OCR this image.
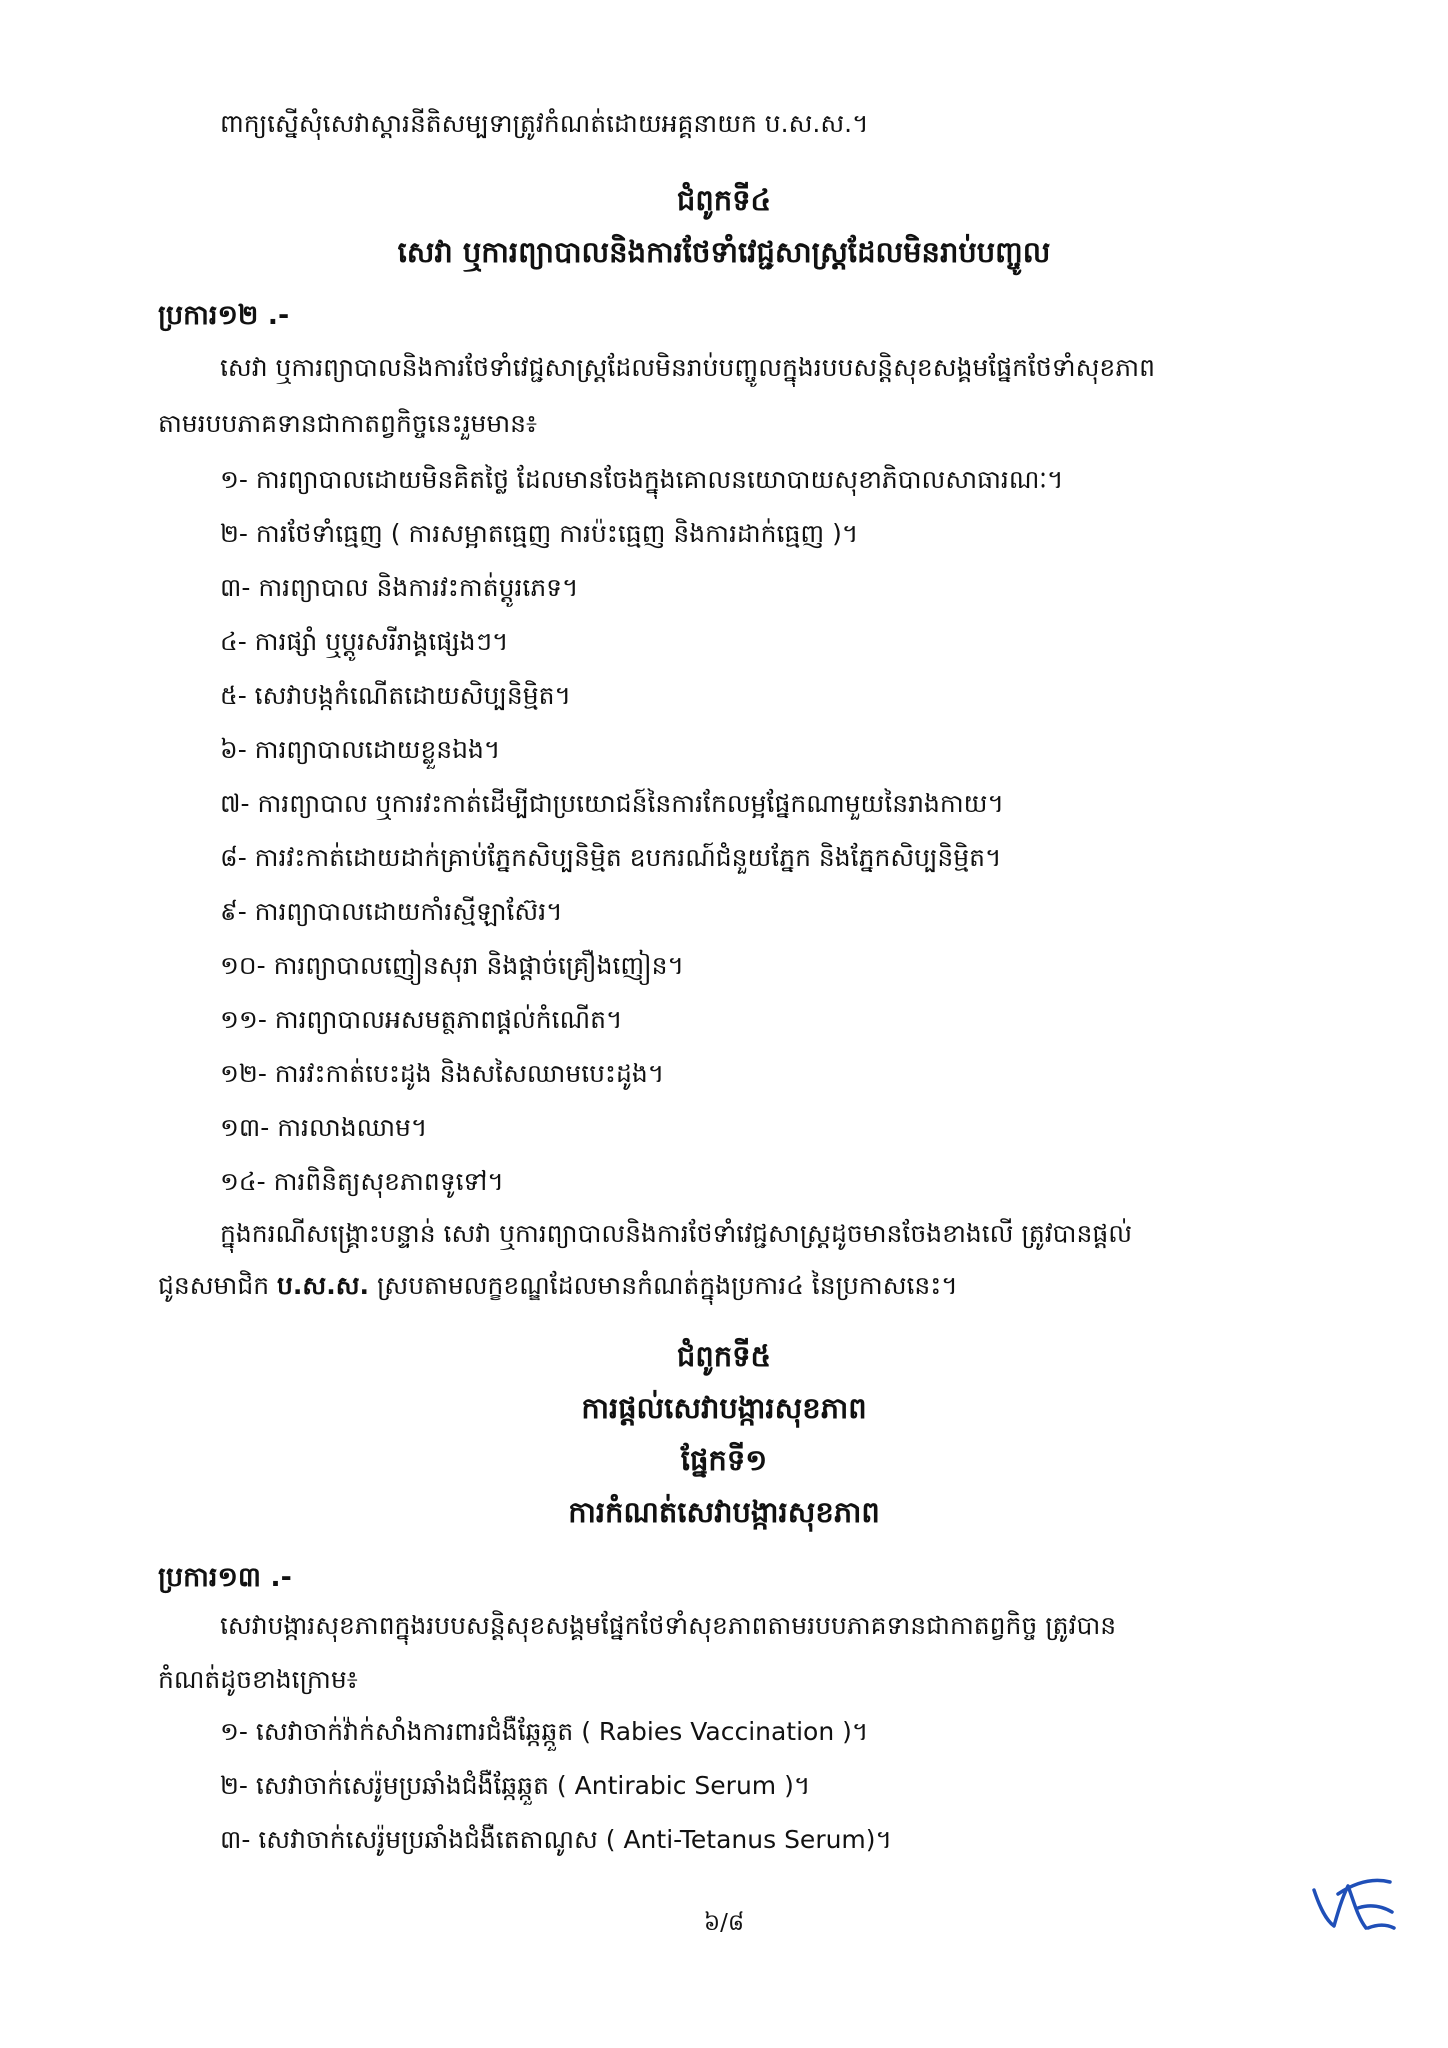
ពាក្យស្នើសុំសេវាស្តារនីតិសម្បទាត្រូវកំណត់ដោយអគ្គនាយក ប.ស.ស.។
ជំពូកទី៤
សេវា ឬការព្យាបាលនិងការថែទាំវេជ្ជសាស្ត្រដែលមិនរាប់បញ្ចូល
ប្រការ១២ .-
សេវា ឬការព្យាបាលនិងការថែទាំវេជ្ជសាស្ត្រដែលមិនរាប់បញ្ចូលក្នុងរបបសន្តិសុខសង្គមផ្នែកថែទាំសុខភាព
តាមរបបភាគទានជាកាតព្វកិច្ចនេះរួមមាន៖
១- ការព្យាបាលដោយមិនគិតថ្លៃ ដែលមានចែងក្នុងគោលនយោបាយសុខាភិបាលសាធារណៈ។
២- ការថែទាំធ្មេញ ( ការសម្អាតធ្មេញ ការប៉ះធ្មេញ និងការដាក់ធ្មេញ )។
៣- ការព្យាបាល និងការវះកាត់ប្តូរភេទ។
៤- ការផ្សាំ ឬប្តូរសរីរាង្គផ្សេងៗ។
៥- សេវាបង្កកំណើតដោយសិប្បនិម្មិត។
៦- ការព្យាបាលដោយខ្លួនឯង។
៧- ការព្យាបាល ឬការវះកាត់ដើម្បីជាប្រយោជន៍នៃការកែលម្អផ្នែកណាមួយនៃរាងកាយ។
៨- ការវះកាត់ដោយដាក់គ្រាប់ភ្នែកសិប្បនិម្មិត ឧបករណ៍ជំនួយភ្នែក និងភ្នែកសិប្បនិម្មិត។
៩- ការព្យាបាលដោយកាំរស្មីឡាស៊ែរ។
១០- ការព្យាបាលញៀនសុរា និងផ្តាច់គ្រឿងញៀន។
១១- ការព្យាបាលអសមត្ថភាពផ្តល់កំណើត។
១២- ការវះកាត់បេះដូង និងសសៃឈាមបេះដូង។
១៣- ការលាងឈាម។
១៤- ការពិនិត្យសុខភាពទូទៅ។
ក្នុងករណីសង្គ្រោះបន្ទាន់ សេវា ឬការព្យាបាលនិងការថែទាំវេជ្ជសាស្ត្រដូចមានចែងខាងលើ ត្រូវបានផ្តល់
ជូនសមាជិក ប.ស.ស. ស្របតាមលក្ខខណ្ឌដែលមានកំណត់ក្នុងប្រការ៤ នៃប្រកាសនេះ។
ជំពូកទី៥
ការផ្តល់សេវាបង្ការសុខភាព
ផ្នែកទី១
ការកំណត់សេវាបង្ការសុខភាព
ប្រការ១៣ .-
សេវាបង្ការសុខភាពក្នុងរបបសន្តិសុខសង្គមផ្នែកថែទាំសុខភាពតាមរបបភាគទានជាកាតព្វកិច្ច ត្រូវបាន
កំណត់ដូចខាងក្រោម៖
១- សេវាចាក់វ៉ាក់សាំងការពារជំងឺឆ្កែឆ្កួត ( Rabies Vaccination )។
២- សេវាចាក់សេរ៉ូមប្រឆាំងជំងឺឆ្កែឆ្កួត ( Antirabic Serum )។
៣- សេវាចាក់សេរ៉ូមប្រឆាំងជំងឺតេតាណូស ( Anti-Tetanus Serum)។
៦/៨
